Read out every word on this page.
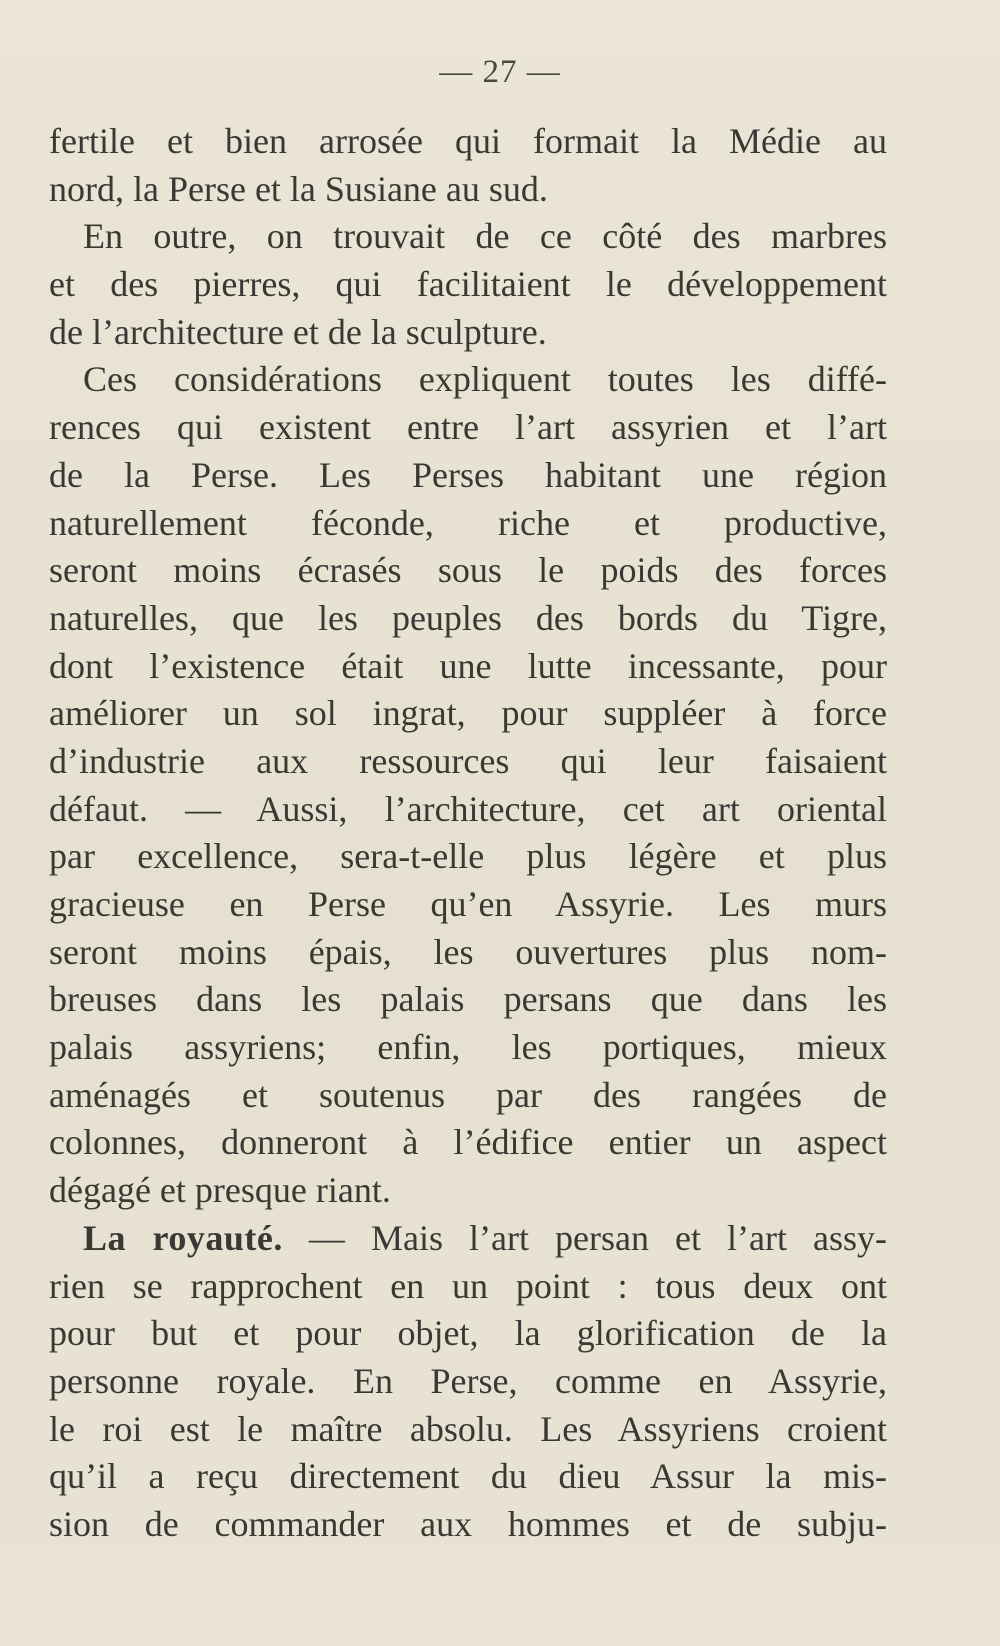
— 27 —
fertile et bien arrosée qui formait la Médie au
nord, la Perse et la Susiane au sud.
En outre, on trouvait de ce côté des marbres
et des pierres, qui facilitaient le développement
de l’architecture et de la sculpture.
Ces considérations expliquent toutes les diffé-
rences qui existent entre l’art assyrien et l’art
de la Perse. Les Perses habitant une région
naturellement féconde, riche et productive,
seront moins écrasés sous le poids des forces
naturelles, que les peuples des bords du Tigre,
dont l’existence était une lutte incessante, pour
améliorer un sol ingrat, pour suppléer à force
d’industrie aux ressources qui leur faisaient
défaut. — Aussi, l’architecture, cet art oriental
par excellence, sera-t-elle plus légère et plus
gracieuse en Perse qu’en Assyrie. Les murs
seront moins épais, les ouvertures plus nom-
breuses dans les palais persans que dans les
palais assyriens; enfin, les portiques, mieux
aménagés et soutenus par des rangées de
colonnes, donneront à l’édifice entier un aspect
dégagé et presque riant.
La royauté. — Mais l’art persan et l’art assy-
rien se rapprochent en un point : tous deux ont
pour but et pour objet, la glorification de la
personne royale. En Perse, comme en Assyrie,
le roi est le maître absolu. Les Assyriens croient
qu’il a reçu directement du dieu Assur la mis-
sion de commander aux hommes et de subju-
